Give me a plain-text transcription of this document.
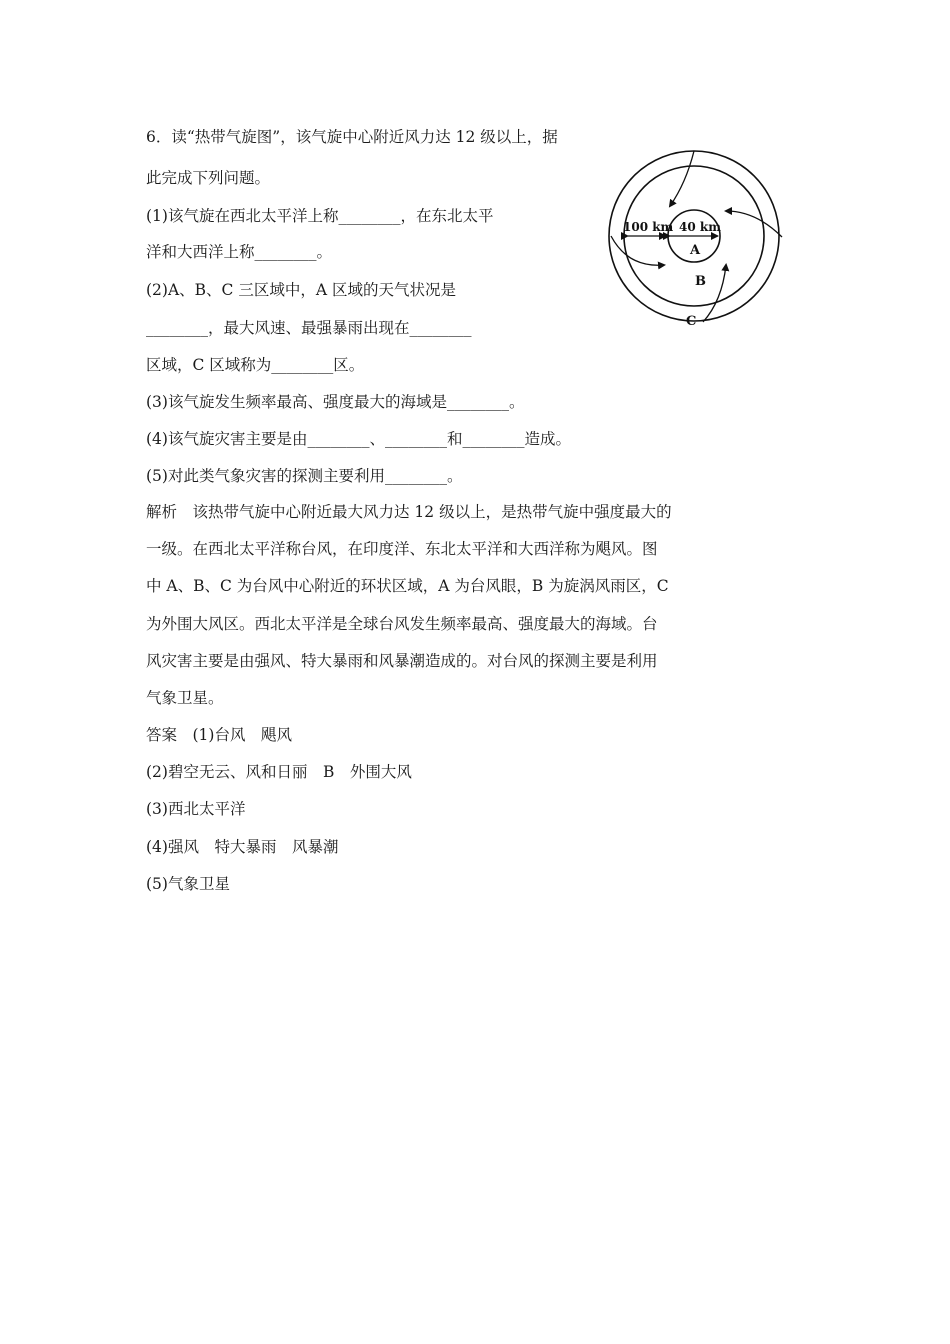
6．读“热带气旋图”，该气旋中心附近风力达 12 级以上，据
此完成下列问题。
(1)该气旋在西北太平洋上称________，在东北太平
洋和大西洋上称________。
(2)A、B、C 三区域中，A 区域的天气状况是
________，最大风速、最强暴雨出现在________
区域，C 区域称为________区。
(3)该气旋发生频率最高、强度最大的海域是________。
(4)该气旋灾害主要是由________、________和________造成。
(5)对此类气象灾害的探测主要利用________。
100 km 40 km
A
B
C
解析　该热带气旋中心附近最大风力达 12 级以上，是热带气旋中强度最大的
一级。在西北太平洋称台风，在印度洋、东北太平洋和大西洋称为飓风。图
中 A、B、C 为台风中心附近的环状区域，A 为台风眼，B 为旋涡风雨区，C
为外围大风区。西北太平洋是全球台风发生频率最高、强度最大的海域。台
风灾害主要是由强风、特大暴雨和风暴潮造成的。对台风的探测主要是利用
气象卫星。
答案　(1)台风　飓风
(2)碧空无云、风和日丽　B　外围大风
(3)西北太平洋
(4)强风　特大暴雨　风暴潮
(5)气象卫星
